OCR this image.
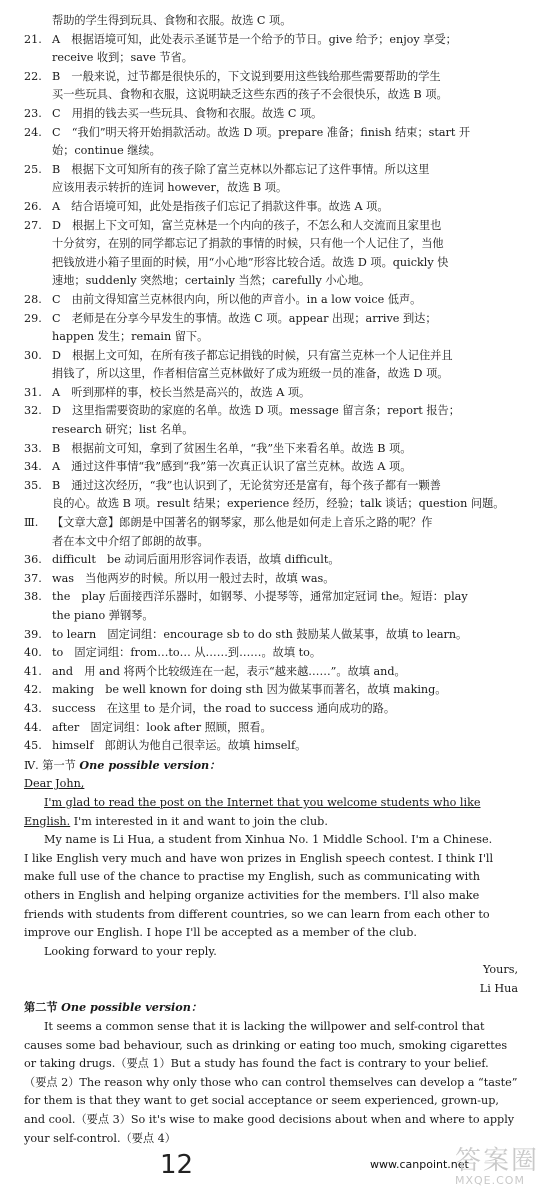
帮助的学生得到玩具、食物和衣服。故选 C 项。
21. A　根据语境可知，此处表示圣诞节是一个给予的节日。give 给予；enjoy 享受；
receive 收到；save 节省。
22. B　一般来说，过节都是很快乐的，下文说到要用这些钱给那些需要帮助的学生
买一些玩具、食物和衣服，这说明缺乏这些东西的孩子不会很快乐，故选 B 项。
23. C　用捐的钱去买一些玩具、食物和衣服。故选 C 项。
24. C　“我们”明天将开始捐款活动。故选 D 项。prepare 准备；finish 结束；start 开
始；continue 继续。
25. B　根据下文可知所有的孩子除了富兰克林以外都忘记了这件事情。所以这里
应该用表示转折的连词 however，故选 B 项。
26. A　结合语境可知，此处是指孩子们忘记了捐款这件事。故选 A 项。
27. D　根据上下文可知，富兰克林是一个内向的孩子，不怎么和人交流而且家里也
十分贫穷，在别的同学都忘记了捐款的事情的时候，只有他一个人记住了，当他
把钱放进小箱子里面的时候，用“小心地”形容比较合适。故选 D 项。quickly 快
速地；suddenly 突然地；certainly 当然；carefully 小心地。
28. C　由前文得知富兰克林很内向，所以他的声音小。in a low voice 低声。
29. C　老师是在分享今早发生的事情。故选 C 项。appear 出现；arrive 到达；
happen 发生；remain 留下。
30. D　根据上文可知，在所有孩子都忘记捐钱的时候，只有富兰克林一个人记住并且
捐钱了，所以这里，作者相信富兰克林做好了成为班级一员的准备，故选 D 项。
31. A　听到那样的事，校长当然是高兴的，故选 A 项。
32. D　这里指需要资助的家庭的名单。故选 D 项。message 留言条；report 报告；
research 研究；list 名单。
33. B　根据前文可知，拿到了贫困生名单，“我”坐下来看名单。故选 B 项。
34. A　通过这件事情“我”感到“我”第一次真正认识了富兰克林。故选 A 项。
35. B　通过这次经历，“我”也认识到了，无论贫穷还是富有，每个孩子都有一颗善
良的心。故选 B 项。result 结果；experience 经历，经验；talk 谈话；question 问题。
Ⅲ. 【文章大意】郎朗是中国著名的钢琴家，那么他是如何走上音乐之路的呢？作
者在本文中介绍了郎朗的故事。
36. difficult　be 动词后面用形容词作表语，故填 difficult。
37. was　当他两岁的时候。所以用一般过去时，故填 was。
38. the　play 后面接西洋乐器时，如钢琴、小提琴等，通常加定冠词 the。短语：play
the piano 弹钢琴。
39. to learn　固定词组：encourage sb to do sth 鼓励某人做某事，故填 to learn。
40. to　固定词组：from…to… 从……到……。故填 to。
41. and　用 and 将两个比较级连在一起，表示“越来越……”。故填 and。
42. making　be well known for doing sth 因为做某事而著名，故填 making。
43. success　在这里 to 是介词，the road to success 通向成功的路。
44. after　固定词组：look after 照顾，照看。
45. himself　郎朗认为他自己很幸运。故填 himself。
Ⅳ. 第一节 One possible version：
Dear John,
I'm glad to read the post on the Internet that you welcome students who like
English. I'm interested in it and want to join the club.
My name is Li Hua, a student from Xinhua No. 1 Middle School. I'm a Chinese.
I like English very much and have won prizes in English speech contest. I think I'll
make full use of the chance to practise my English, such as communicating with
others in English and helping organize activities for the members. I'll also make
friends with students from different countries, so we can learn from each other to
improve our English. I hope I'll be accepted as a member of the club.
Looking forward to your reply.
Yours,
Li Hua
第二节 One possible version：
It seems a common sense that it is lacking the willpower and self-control that
causes some bad behaviour, such as drinking or eating too much, smoking cigarettes
or taking drugs.（要点 1）But a study has found the fact is contrary to your belief.
（要点 2）The reason why only those who can control themselves can develop a “taste”
for them is that they want to get social acceptance or seem experienced, grown-up,
and cool.（要点 3）So it's wise to make good decisions about when and where to apply
your self-control.（要点 4）
12	www.canpoint.net
答案圈
MXQE.COM
